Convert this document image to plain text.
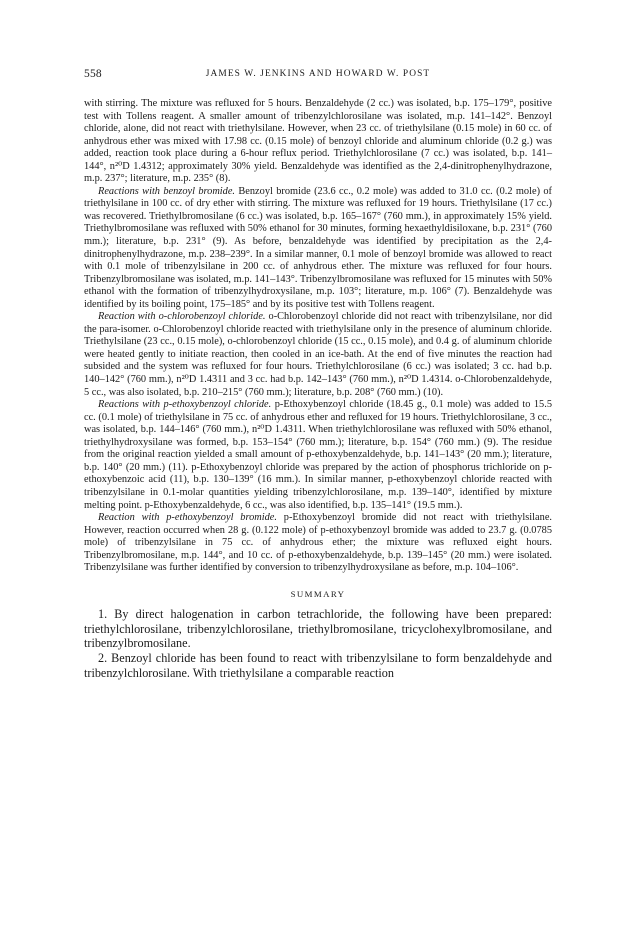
558	JAMES W. JENKINS AND HOWARD W. POST

with stirring. The mixture was refluxed for 5 hours. Benzaldehyde (2 cc.) was isolated, b.p. 175–179°, positive test with Tollens reagent. A smaller amount of tribenzylchlorosilane was isolated, m.p. 141–142°. Benzoyl chloride, alone, did not react with triethylsilane. However, when 23 cc. of triethylsilane (0.15 mole) in 60 cc. of anhydrous ether was mixed with 17.98 cc. (0.15 mole) of benzoyl chloride and aluminum chloride (0.2 g.) was added, reaction took place during a 6-hour reflux period. Triethylchlorosilane (7 cc.) was isolated, b.p. 141–144°, n²⁰D 1.4312; approximately 30% yield. Benzaldehyde was identified as the 2,4-dinitrophenylhydrazone, m.p. 237°; literature, m.p. 235° (8).

Reactions with benzoyl bromide. Benzoyl bromide (23.6 cc., 0.2 mole) was added to 31.0 cc. (0.2 mole) of triethylsilane in 100 cc. of dry ether with stirring. The mixture was refluxed for 19 hours. Triethylsilane (17 cc.) was recovered. Triethylbromosilane (6 cc.) was isolated, b.p. 165–167° (760 mm.), in approximately 15% yield. Triethylbromosilane was refluxed with 50% ethanol for 30 minutes, forming hexaethyldisiloxane, b.p. 231° (760 mm.); literature, b.p. 231° (9). As before, benzaldehyde was identified by precipitation as the 2,4-dinitrophenylhydrazone, m.p. 238–239°. In a similar manner, 0.1 mole of benzoyl bromide was allowed to react with 0.1 mole of tribenzylsilane in 200 cc. of anhydrous ether. The mixture was refluxed for four hours. Tribenzylbromosilane was isolated, m.p. 141–143°. Tribenzylbromosilane was refluxed for 15 minutes with 50% ethanol with the formation of tribenzylhydroxysilane, m.p. 103°; literature, m.p. 106° (7). Benzaldehyde was identified by its boiling point, 175–185° and by its positive test with Tollens reagent.

Reaction with o-chlorobenzoyl chloride. o-Chlorobenzoyl chloride did not react with tribenzylsilane, nor did the para-isomer. o-Chlorobenzoyl chloride reacted with triethylsilane only in the presence of aluminum chloride. Triethylsilane (23 cc., 0.15 mole), o-chlorobenzoyl chloride (15 cc., 0.15 mole), and 0.4 g. of aluminum chloride were heated gently to initiate reaction, then cooled in an ice-bath. At the end of five minutes the reaction had subsided and the system was refluxed for four hours. Triethylchlorosilane (6 cc.) was isolated; 3 cc. had b.p. 140–142° (760 mm.), n²⁰D 1.4311 and 3 cc. had b.p. 142–143° (760 mm.), n²⁰D 1.4314. o-Chlorobenzaldehyde, 5 cc., was also isolated, b.p. 210–215° (760 mm.); literature, b.p. 208° (760 mm.) (10).

Reactions with p-ethoxybenzoyl chloride. p-Ethoxybenzoyl chloride (18.45 g., 0.1 mole) was added to 15.5 cc. (0.1 mole) of triethylsilane in 75 cc. of anhydrous ether and refluxed for 19 hours. Triethylchlorosilane, 3 cc., was isolated, b.p. 144–146° (760 mm.), n²⁰D 1.4311. When triethylchlorosilane was refluxed with 50% ethanol, triethylhydroxysilane was formed, b.p. 153–154° (760 mm.); literature, b.p. 154° (760 mm.) (9). The residue from the original reaction yielded a small amount of p-ethoxybenzaldehyde, b.p. 141–143° (20 mm.); literature, b.p. 140° (20 mm.) (11). p-Ethoxybenzoyl chloride was prepared by the action of phosphorus trichloride on p-ethoxybenzoic acid (11), b.p. 130–139° (16 mm.). In similar manner, p-ethoxybenzoyl chloride reacted with tribenzylsilane in 0.1-molar quantities yielding tribenzylchlorosilane, m.p. 139–140°, identified by mixture melting point. p-Ethoxybenzaldehyde, 6 cc., was also identified, b.p. 135–141° (19.5 mm.).

Reaction with p-ethoxybenzoyl bromide. p-Ethoxybenzoyl bromide did not react with triethylsilane. However, reaction occurred when 28 g. (0.122 mole) of p-ethoxybenzoyl bromide was added to 23.7 g. (0.0785 mole) of tribenzylsilane in 75 cc. of anhydrous ether; the mixture was refluxed eight hours. Tribenzylbromosilane, m.p. 144°, and 10 cc. of p-ethoxybenzaldehyde, b.p. 139–145° (20 mm.) were isolated. Tribenzylsilane was further identified by conversion to tribenzylhydroxysilane as before, m.p. 104–106°.

SUMMARY

1. By direct halogenation in carbon tetrachloride, the following have been prepared: triethylchlorosilane, tribenzylchlorosilane, triethylbromosilane, tricyclohexylbromosilane, and tribenzylbromosilane.

2. Benzoyl chloride has been found to react with tribenzylsilane to form benzaldehyde and tribenzylchlorosilane. With triethylsilane a comparable reaction
